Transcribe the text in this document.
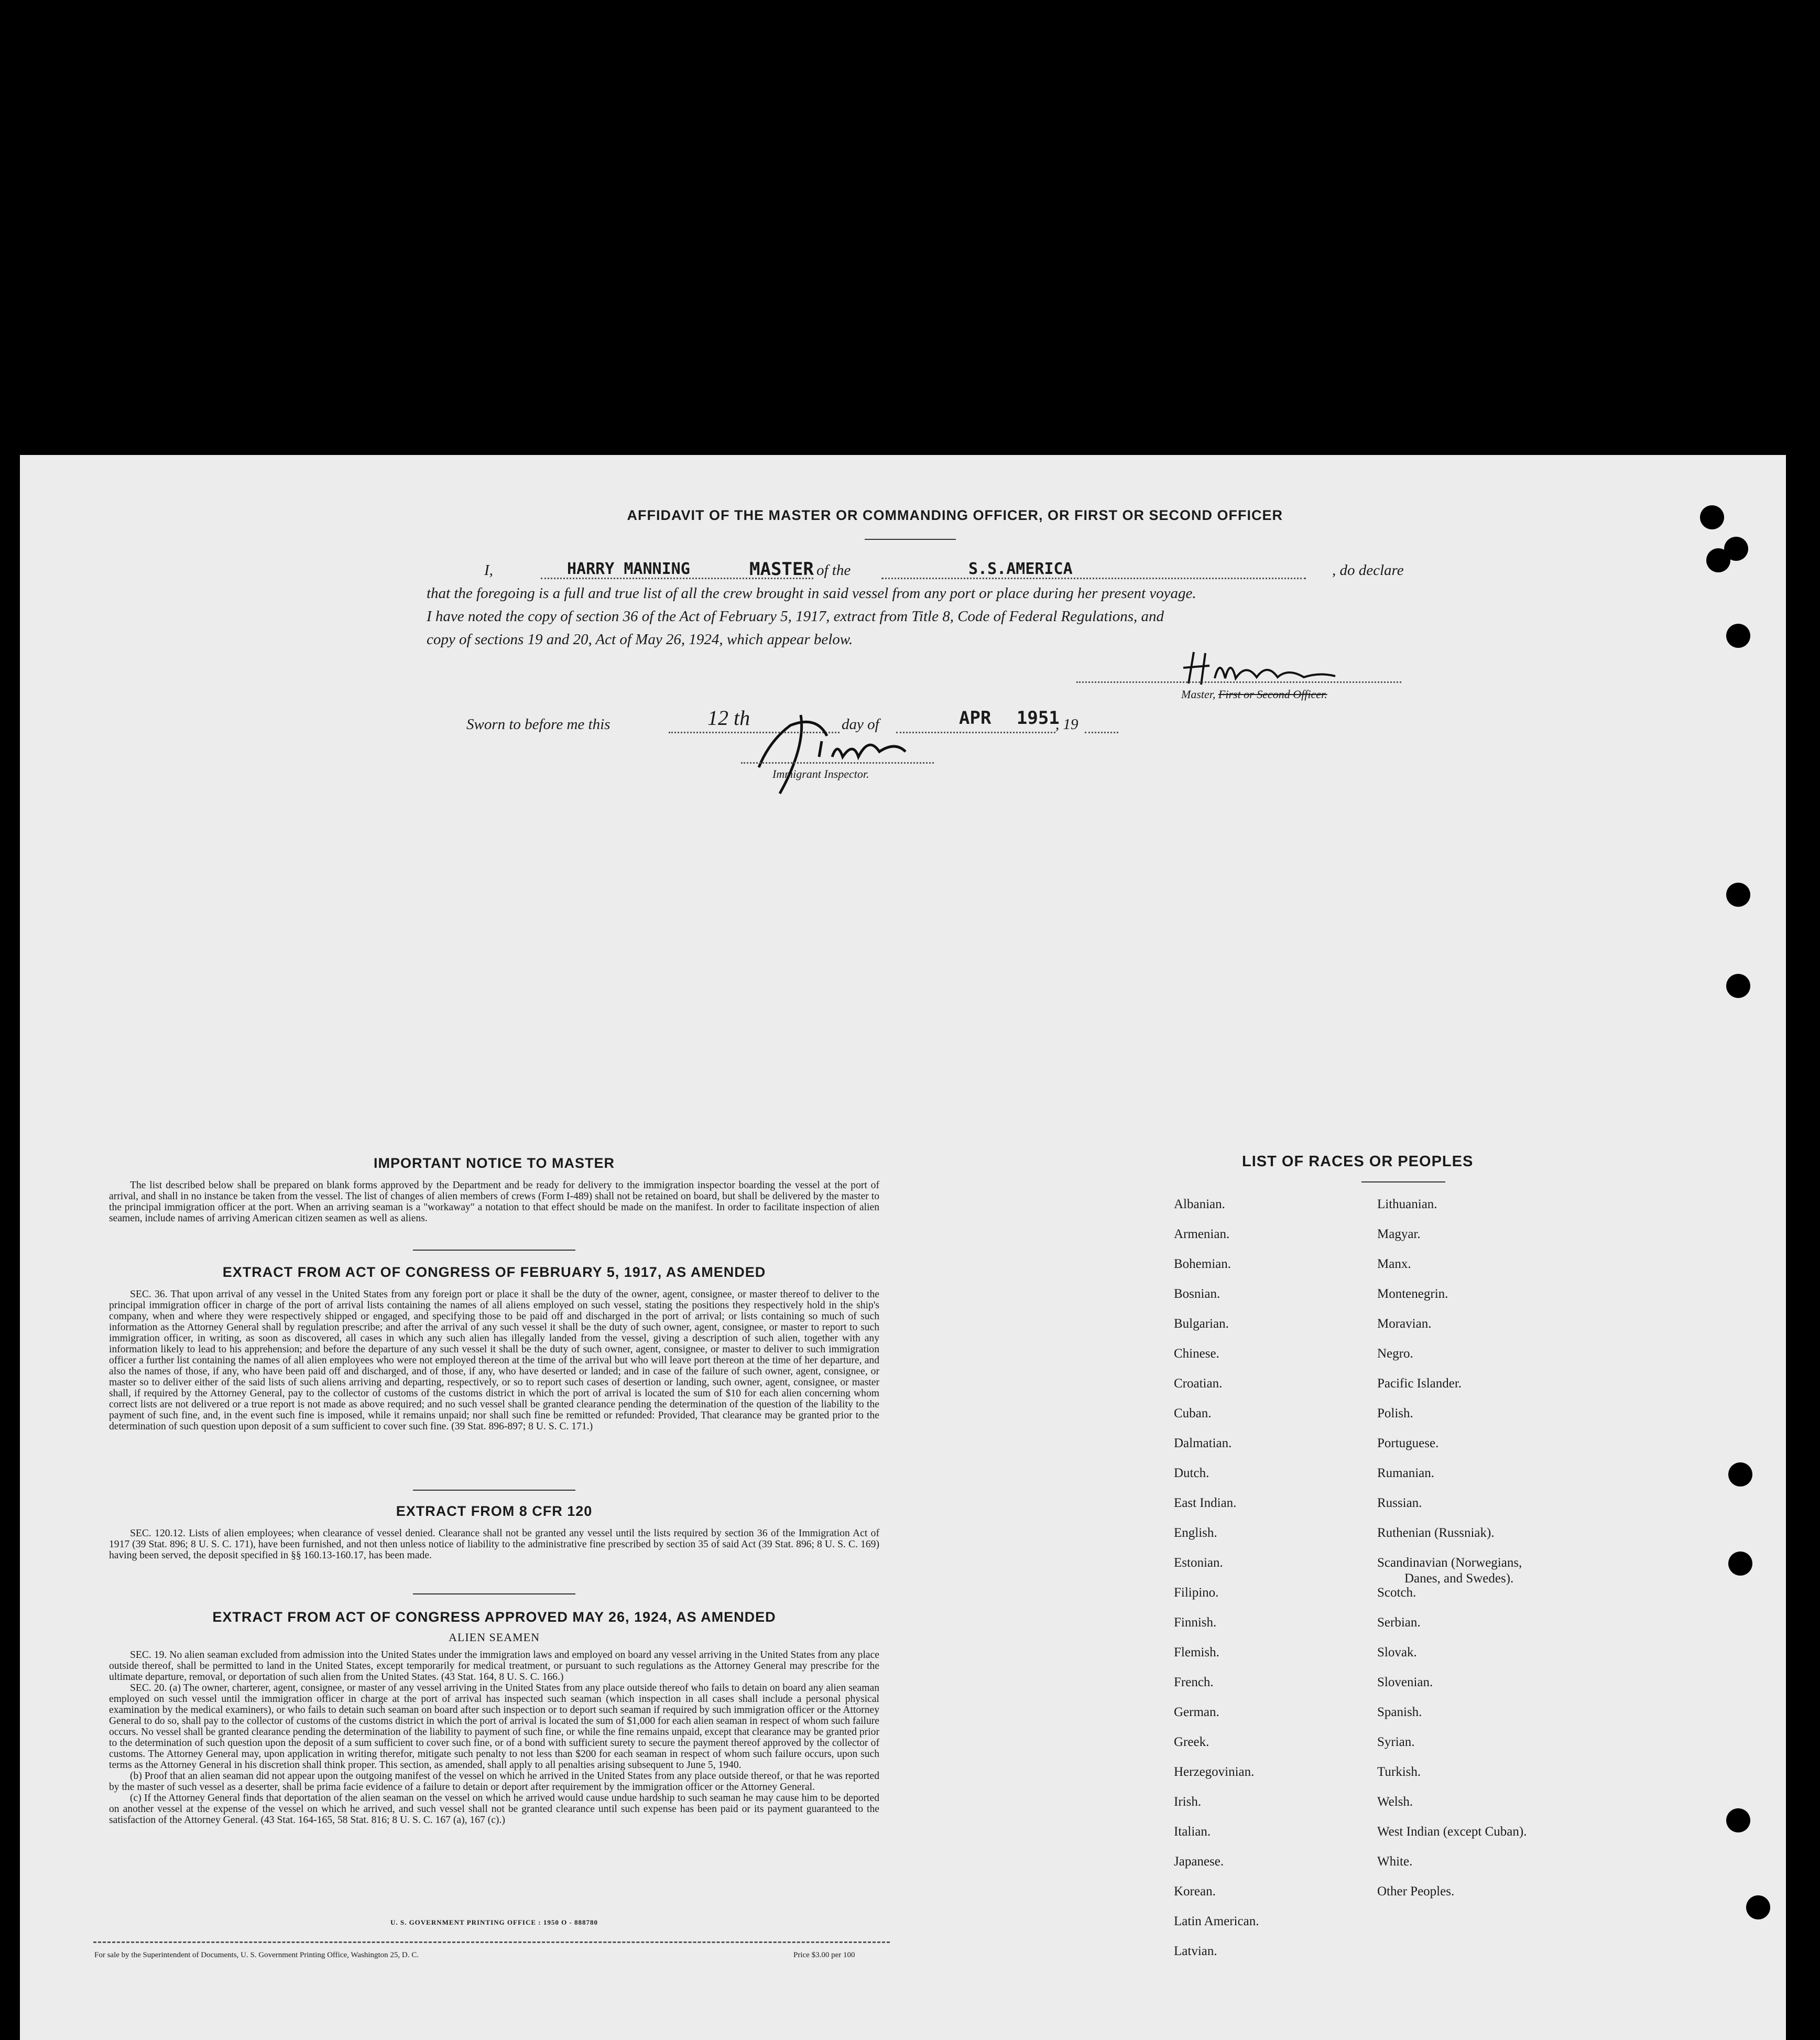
AFFIDAVIT OF THE MASTER OR COMMANDING OFFICER, OR FIRST OR SECOND OFFICER
I,	HARRY MANNING	MASTER of the	S.S.AMERICA	, do declare
that the foregoing is a full and true list of all the crew brought in said vessel from any port or place during her present voyage.
I have noted the copy of section 36 of the Act of February 5, 1917, extract from Title 8, Code of Federal Regulations, and
copy of sections 19 and 20, Act of May 26, 1924, which appear below.
Master, First or Second Officer.
Sworn to before me this	12 th	day of	APR 1951
, 19
Immigrant Inspector.
IMPORTANT NOTICE TO MASTER

The list described below shall be prepared on blank forms approved by the Department and be ready for delivery to the immigration inspector boarding the vessel at the port of arrival, and shall in no instance be taken from the vessel. The list of changes of alien members of crews (Form I-489) shall not be retained on board, but shall be delivered by the master to the principal immigration officer at the port. When an arriving seaman is a "workaway" a notation to that effect should be made on the manifest. In order to facilitate inspection of alien seamen, include names of arriving American citizen seamen as well as aliens.

EXTRACT FROM ACT OF CONGRESS OF FEBRUARY 5, 1917, AS AMENDED

SEC. 36. That upon arrival of any vessel in the United States from any foreign port or place it shall be the duty of the owner, agent, consignee, or master thereof to deliver to the principal immigration officer in charge of the port of arrival lists containing the names of all aliens employed on such vessel, stating the positions they respectively hold in the ship's company, when and where they were respectively shipped or engaged, and specifying those to be paid off and discharged in the port of arrival; or lists containing so much of such information as the Attorney General shall by regulation prescribe; and after the arrival of any such vessel it shall be the duty of such owner, agent, consignee, or master to report to such immigration officer, in writing, as soon as discovered, all cases in which any such alien has illegally landed from the vessel, giving a description of such alien, together with any information likely to lead to his apprehension; and before the departure of any such vessel it shall be the duty of such owner, agent, consignee, or master to deliver to such immigration officer a further list containing the names of all alien employees who were not employed thereon at the time of the arrival but who will leave port thereon at the time of her departure, and also the names of those, if any, who have been paid off and discharged, and of those, if any, who have deserted or landed; and in case of the failure of such owner, agent, consignee, or master so to deliver either of the said lists of such aliens arriving and departing, respectively, or so to report such cases of desertion or landing, such owner, agent, consignee, or master shall, if required by the Attorney General, pay to the collector of customs of the customs district in which the port of arrival is located the sum of $10 for each alien concerning whom correct lists are not delivered or a true report is not made as above required; and no such vessel shall be granted clearance pending the determination of the question of the liability to the payment of such fine, and, in the event such fine is imposed, while it remains unpaid; nor shall such fine be remitted or refunded: Provided, That clearance may be granted prior to the determination of such question upon deposit of a sum sufficient to cover such fine. (39 Stat. 896-897; 8 U. S. C. 171.)

EXTRACT FROM 8 CFR 120

SEC. 120.12. Lists of alien employees; when clearance of vessel denied. Clearance shall not be granted any vessel until the lists required by section 36 of the Immigration Act of 1917 (39 Stat. 896; 8 U. S. C. 171), have been furnished, and not then unless notice of liability to the administrative fine prescribed by section 35 of said Act (39 Stat. 896; 8 U. S. C. 169) having been served, the deposit specified in §§ 160.13-160.17, has been made.

EXTRACT FROM ACT OF CONGRESS APPROVED MAY 26, 1924, AS AMENDED
ALIEN SEAMEN

SEC. 19. No alien seaman excluded from admission into the United States under the immigration laws and employed on board any vessel arriving in the United States from any place outside thereof, shall be permitted to land in the United States, except temporarily for medical treatment, or pursuant to such regulations as the Attorney General may prescribe for the ultimate departure, removal, or deportation of such alien from the United States. (43 Stat. 164, 8 U. S. C. 166.)

SEC. 20. (a) The owner, charterer, agent, consignee, or master of any vessel arriving in the United States from any place outside thereof who fails to detain on board any alien seaman employed on such vessel until the immigration officer in charge at the port of arrival has inspected such seaman (which inspection in all cases shall include a personal physical examination by the medical examiners), or who fails to detain such seaman on board after such inspection or to deport such seaman if required by such immigration officer or the Attorney General to do so, shall pay to the collector of customs of the customs district in which the port of arrival is located the sum of $1,000 for each alien seaman in respect of whom such failure occurs. No vessel shall be granted clearance pending the determination of the liability to payment of such fine, or while the fine remains unpaid, except that clearance may be granted prior to the determination of such question upon the deposit of a sum sufficient to cover such fine, or of a bond with sufficient surety to secure the payment thereof approved by the collector of customs. The Attorney General may, upon application in writing therefor, mitigate such penalty to not less than $200 for each seaman in respect of whom such failure occurs, upon such terms as the Attorney General in his discretion shall think proper. This section, as amended, shall apply to all penalties arising subsequent to June 5, 1940.

(b) Proof that an alien seaman did not appear upon the outgoing manifest of the vessel on which he arrived in the United States from any place outside thereof, or that he was reported by the master of such vessel as a deserter, shall be prima facie evidence of a failure to detain or deport after requirement by the immigration officer or the Attorney General.

(c) If the Attorney General finds that deportation of the alien seaman on the vessel on which he arrived would cause undue hardship to such seaman he may cause him to be deported on another vessel at the expense of the vessel on which he arrived, and such vessel shall not be granted clearance until such expense has been paid or its payment guaranteed to the satisfaction of the Attorney General. (43 Stat. 164-165, 58 Stat. 816; 8 U. S. C. 167 (a), 167 (c).)

U. S. GOVERNMENT PRINTING OFFICE : 1950 O - 888780
For sale by the Superintendent of Documents, U. S. Government Printing Office, Washington 25, D. C.	Price $3.00 per 100
LIST OF RACES OR PEOPLES
Albanian.
Armenian.
Bohemian.
Bosnian.
Bulgarian.
Chinese.
Croatian.
Cuban.
Dalmatian.
Dutch.
East Indian.
English.
Estonian.
Filipino.
Finnish.
Flemish.
French.
German.
Greek.
Herzegovinian.
Irish.
Italian.
Japanese.
Korean.
Latin American.
Latvian.
Lithuanian.
Magyar.
Manx.
Montenegrin.
Moravian.
Negro.
Pacific Islander.
Polish.
Portuguese.
Rumanian.
Russian.
Ruthenian (Russniak).
Scandinavian (Norwegians,
Danes, and Swedes).
Scotch.
Serbian.
Slovak.
Slovenian.
Spanish.
Syrian.
Turkish.
Welsh.
West Indian (except Cuban).
White.
Other Peoples.
